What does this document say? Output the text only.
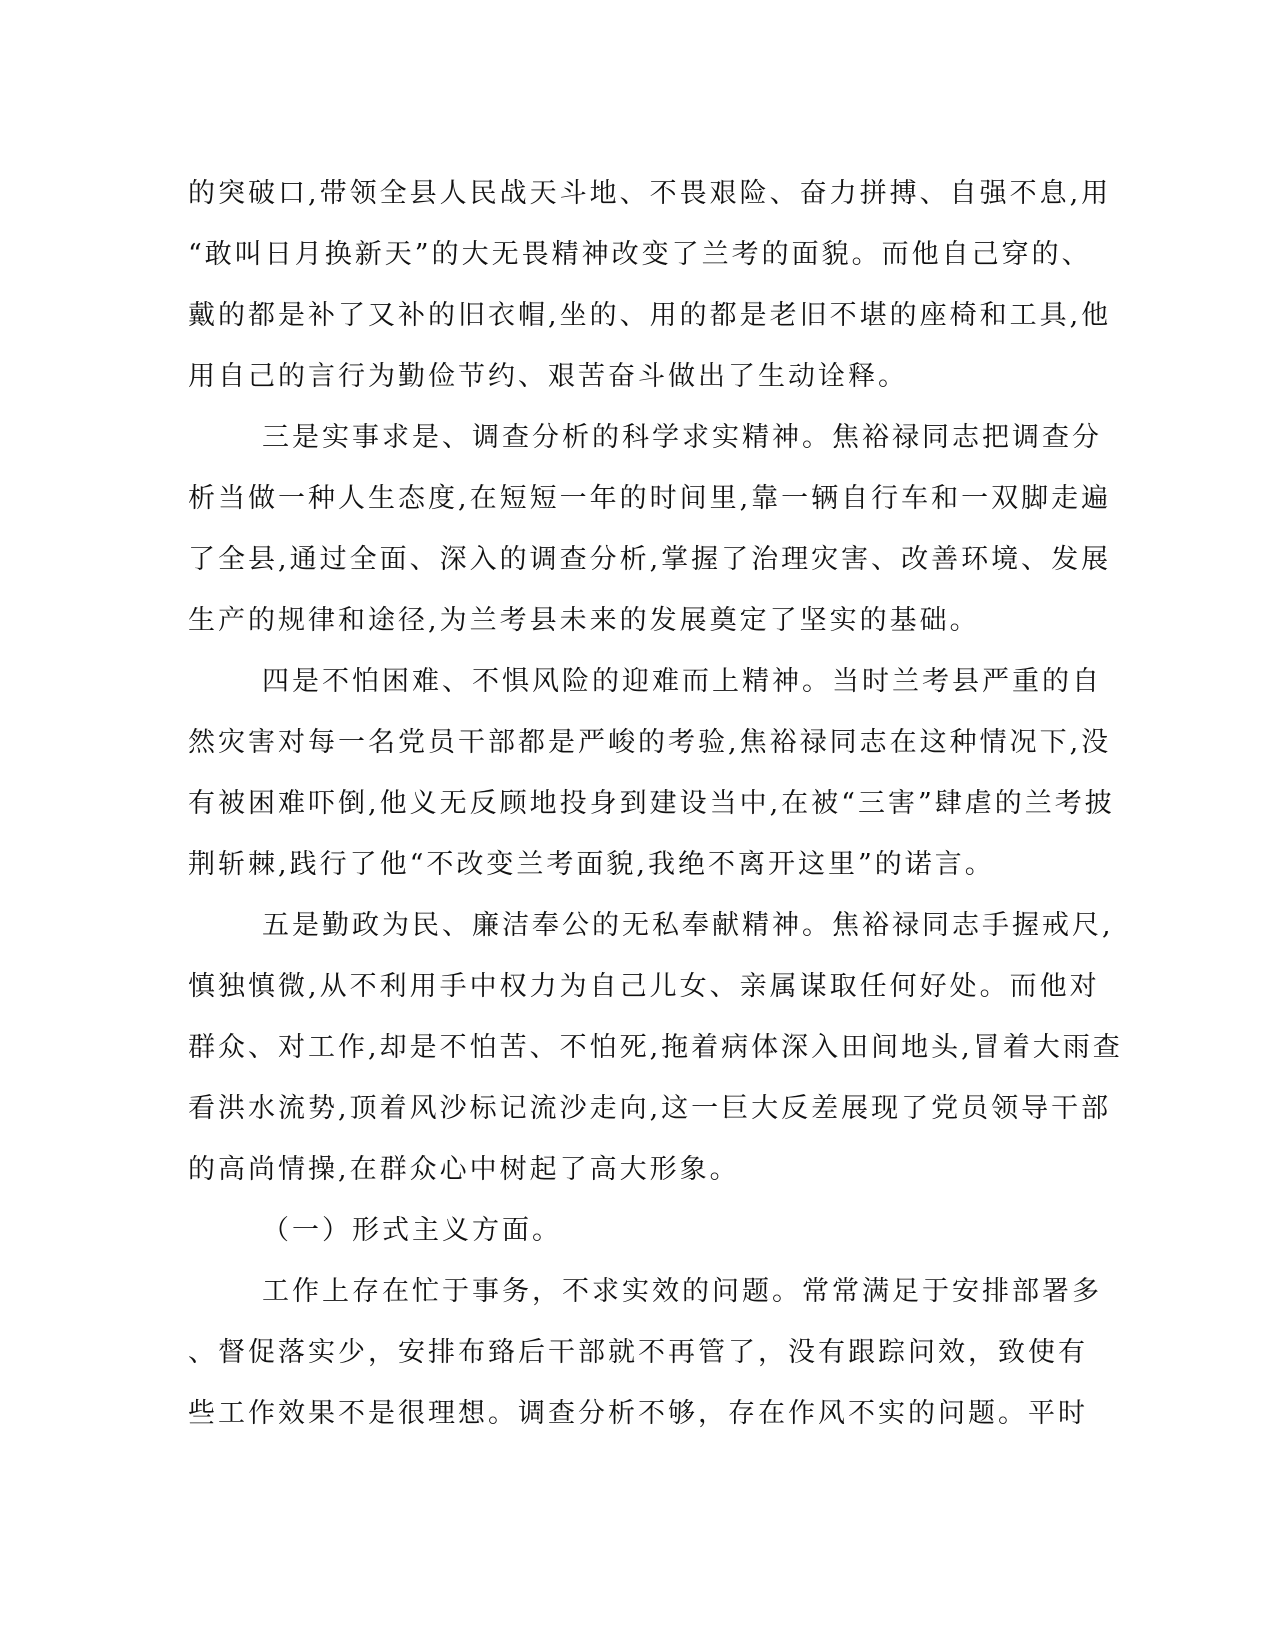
的突破口,带领全县人民战天斗地、不畏艰险、奋力拼搏、自强不息,用
“敢叫日月换新天”的大无畏精神改变了兰考的面貌。而他自己穿的、
戴的都是补了又补的旧衣帽,坐的、用的都是老旧不堪的座椅和工具,他
用自己的言行为勤俭节约、艰苦奋斗做出了生动诠释。
三是实事求是、调查分析的科学求实精神。焦裕禄同志把调查分
析当做一种人生态度,在短短一年的时间里,靠一辆自行车和一双脚走遍
了全县,通过全面、深入的调查分析,掌握了治理灾害、改善环境、发展
生产的规律和途径,为兰考县未来的发展奠定了坚实的基础。
四是不怕困难、不惧风险的迎难而上精神。当时兰考县严重的自
然灾害对每一名党员干部都是严峻的考验,焦裕禄同志在这种情况下,没
有被困难吓倒,他义无反顾地投身到建设当中,在被“三害”肆虐的兰考披
荆斩棘,践行了他“不改变兰考面貌,我绝不离开这里”的诺言。
五是勤政为民、廉洁奉公的无私奉献精神。焦裕禄同志手握戒尺,
慎独慎微,从不利用手中权力为自己儿女、亲属谋取任何好处。而他对
群众、对工作,却是不怕苦、不怕死,拖着病体深入田间地头,冒着大雨查
看洪水流势,顶着风沙标记流沙走向,这一巨大反差展现了党员领导干部
的高尚情操,在群众心中树起了高大形象。
（一）形式主义方面。
工作上存在忙于事务，不求实效的问题。常常满足于安排部署多
、督促落实少，安排布臵后干部就不再管了，没有跟踪问效，致使有
些工作效果不是很理想。调查分析不够，存在作风不实的问题。平时
